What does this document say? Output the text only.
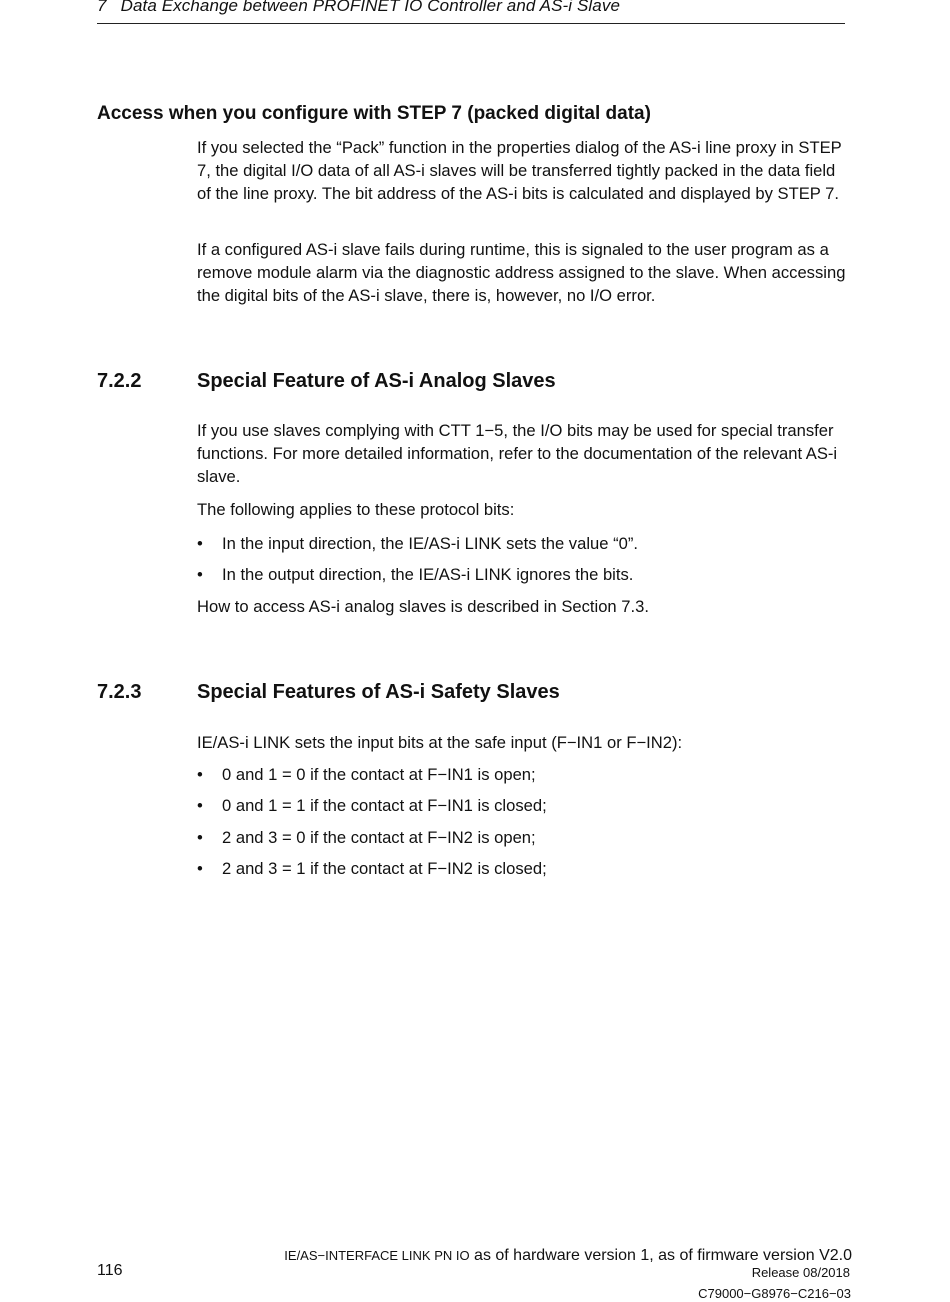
7 Data Exchange between PROFINET IO Controller and AS-i Slave
Access when you configure with STEP 7 (packed digital data)

If you selected the “Pack” function in the properties dialog of the AS-i line proxy in STEP 7, the digital I/O data of all AS-i slaves will be transferred tightly packed in the data field of the line proxy. The bit address of the AS-i bits is calculated and displayed by STEP 7.

If a configured AS-i slave fails during runtime, this is signaled to the user program as a remove module alarm via the diagnostic address assigned to the slave. When accessing the digital bits of the AS-i slave, there is, however, no I/O error.

7.2.2	Special Feature of AS-i Analog Slaves

If you use slaves complying with CTT 1−5, the I/O bits may be used for special transfer functions. For more detailed information, refer to the documentation of the relevant AS-i slave.

The following applies to these protocol bits:
• In the input direction, the IE/AS-i LINK sets the value “0”.
• In the output direction, the IE/AS-i LINK ignores the bits.
How to access AS-i analog slaves is described in Section 7.3.
7.2.3	Special Features of AS-i Safety Slaves
IE/AS-i LINK sets the input bits at the safe input (F−IN1 or F−IN2):
• 0 and 1 = 0 if the contact at F−IN1 is open;
• 0 and 1 = 1 if the contact at F−IN1 is closed;
• 2 and 3 = 0 if the contact at F−IN2 is open;
• 2 and 3 = 1 if the contact at F−IN2 is closed;
116
IE/AS−INTERFACE LINK PN IO as of hardware version 1, as of firmware version V2.0
Release 08/2018
C79000−G8976−C216−03
